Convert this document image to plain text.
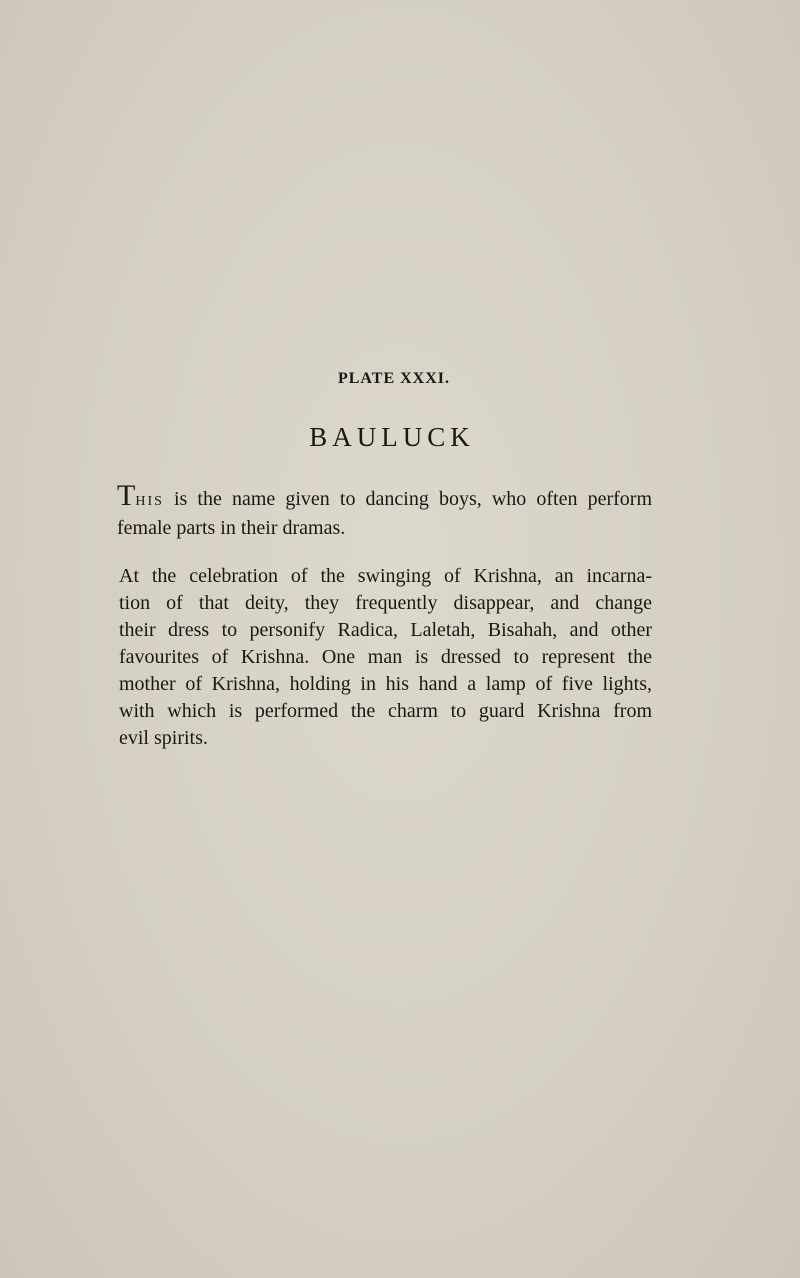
PLATE XXXI.
BAULUCK
THIS is the name given to dancing boys, who often perform
female parts in their dramas.
At the celebration of the swinging of Krishna, an incarna-
tion of that deity, they frequently disappear, and change
their dress to personify Radica, Laletah, Bisahah, and other
favourites of Krishna. One man is dressed to represent the
mother of Krishna, holding in his hand a lamp of five lights,
with which is performed the charm to guard Krishna from
evil spirits.
